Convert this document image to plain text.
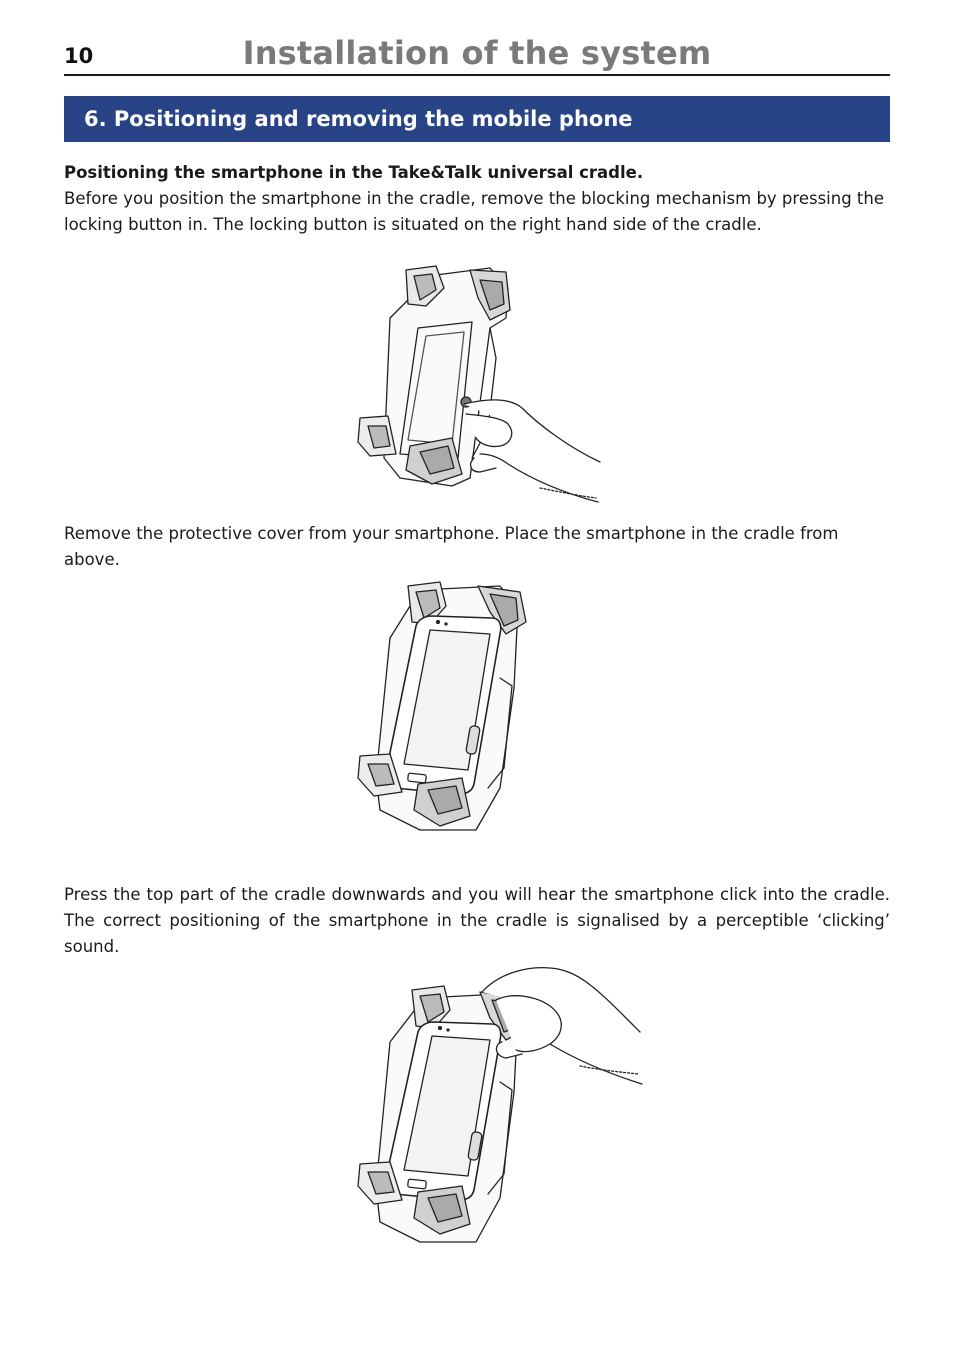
10	Installation of the system
6. Positioning and removing the mobile phone
Positioning the smartphone in the Take&Talk universal cradle.
Before you position the smartphone in the cradle, remove the blocking mechanism by pressing the locking button in. The locking button is situated on the right hand side of the cradle.
Remove the protective cover from your smartphone. Place the smartphone in the cradle from above.
Press the top part of the cradle downwards and you will hear the smartphone click into the cradle. The correct positioning of the smartphone in the cradle is signalised by a perceptible ‘clicking’ sound.
